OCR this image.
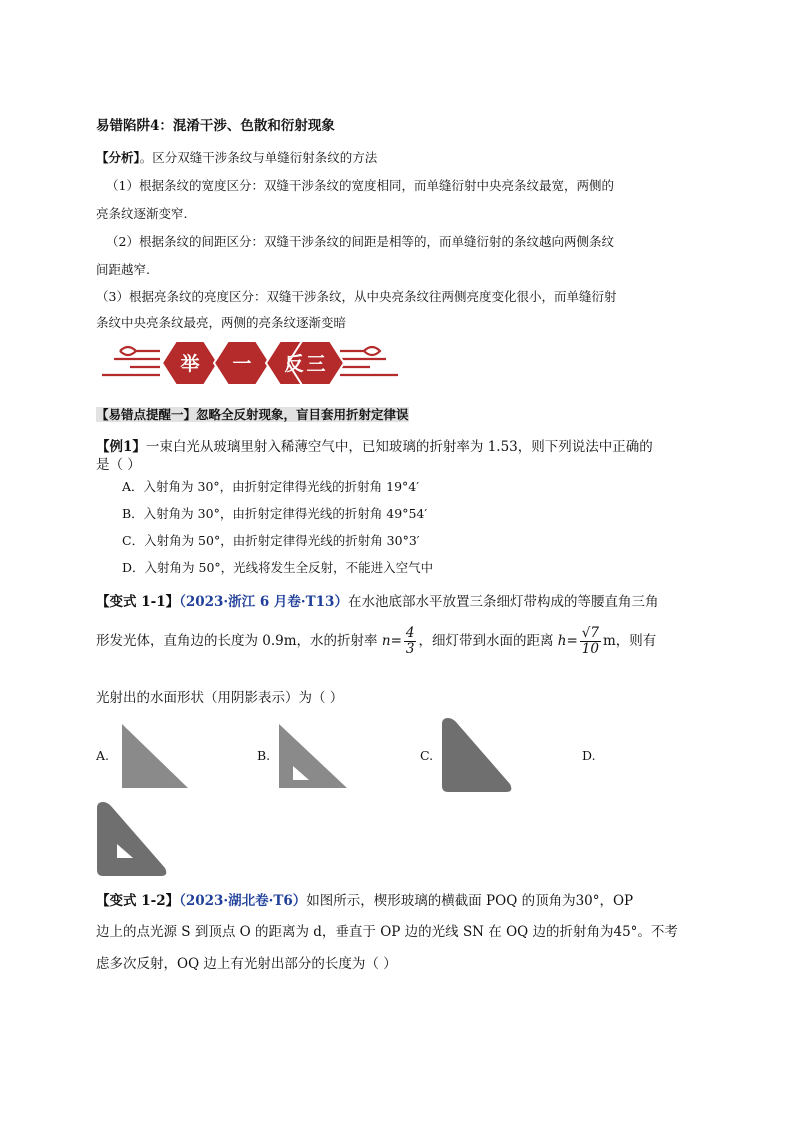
易错陷阱4：混淆干涉、色散和衍射现象
【分析】。区分双缝干涉条纹与单缝衍射条纹的方法
（1）根据条纹的宽度区分：双缝干涉条纹的宽度相同，而单缝衍射中央亮条纹最宽，两侧的
亮条纹逐渐变窄.
（2）根据条纹的间距区分：双缝干涉条纹的间距是相等的，而单缝衍射的条纹越向两侧条纹
间距越窄.
（3）根据亮条纹的亮度区分：双缝干涉条纹，从中央亮条纹往两侧亮度变化很小，而单缝衍射
条纹中央亮条纹最亮，两侧的亮条纹逐渐变暗
举 一 反 三
【易错点提醒一】忽略全反射现象，盲目套用折射定律误
【例1】一束白光从玻璃里射入稀薄空气中，已知玻璃的折射率为 1.53，则下列说法中正确的
是（ ）
A．入射角为 30°，由折射定律得光线的折射角 19°4′
B．入射角为 30°，由折射定律得光线的折射角 49°54′
C．入射角为 50°，由折射定律得光线的折射角 30°3′
D．入射角为 50°，光线将发生全反射，不能进入空气中
【变式 1-1】（2023·浙江 6 月卷·T13）在水池底部水平放置三条细灯带构成的等腰直角三角
形发光体，直角边的长度为 0.9m，水的折射率 $n= \frac{4}{3}$ ，细灯带到水面的距离 $h= \frac{√7}{10}$ m，则有
光射出的水面形状（用阴影表示）为（ ）
A.	B.	C.	D.
【变式 1-2】（2023·湖北卷·T6）如图所示，楔形玻璃的横截面 POQ 的顶角为30°，OP
边上的点光源 S 到顶点 O 的距离为 d，垂直于 OP 边的光线 SN 在 OQ 边的折射角为45°。不考
虑多次反射，OQ 边上有光射出部分的长度为（ ）
